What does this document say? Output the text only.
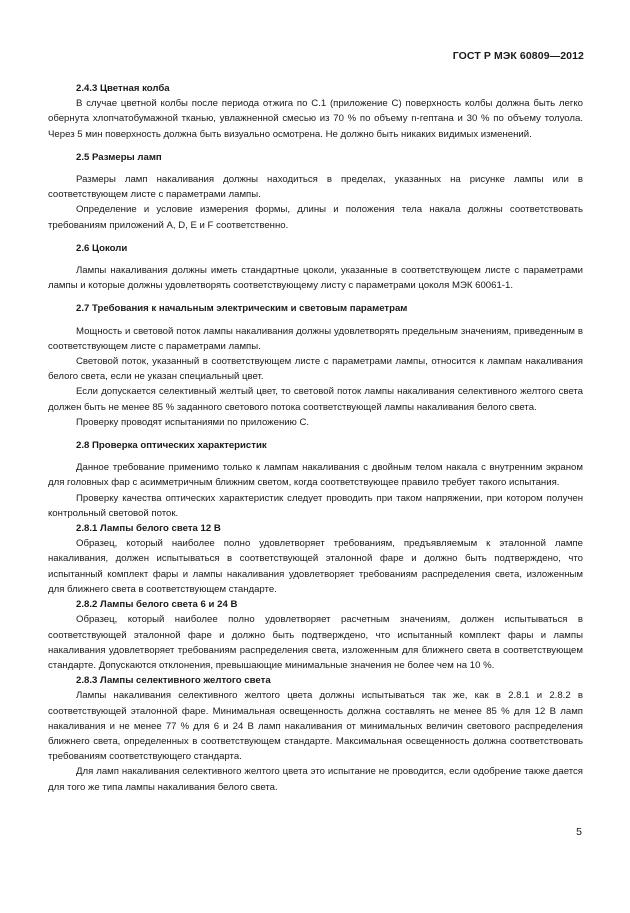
ГОСТ Р МЭК 60809—2012

2.4.3 Цветная колба

В случае цветной колбы после периода отжига по С.1 (приложение С) поверхность колбы должна быть легко обернута хлопчатобумажной тканью, увлажненной смесью из 70 % по объему n-гептана и 30 % по объему толуола. Через 5 мин поверхность должна быть визуально осмотрена. Не должно быть никаких видимых изменений.

2.5 Размеры ламп

Размеры ламп накаливания должны находиться в пределах, указанных на рисунке лампы или в соответствующем листе с параметрами лампы.

Определение и условие измерения формы, длины и положения тела накала должны соответствовать требованиям приложений А, D, E и F соответственно.

2.6 Цоколи

Лампы накаливания должны иметь стандартные цоколи, указанные в соответствующем листе с параметрами лампы и которые должны удовлетворять соответствующему листу с параметрами цоколя МЭК 60061-1.

2.7 Требования к начальным электрическим и световым параметрам

Мощность и световой поток лампы накаливания должны удовлетворять предельным значениям, приведенным в соответствующем листе с параметрами лампы.

Световой поток, указанный в соответствующем листе с параметрами лампы, относится к лампам накаливания белого света, если не указан специальный цвет.

Если допускается селективный желтый цвет, то световой поток лампы накаливания селективного желтого света должен быть не менее 85 % заданного светового потока соответствующей лампы накаливания белого света.

Проверку проводят испытаниями по приложению С.

2.8 Проверка оптических характеристик

Данное требование применимо только к лампам накаливания с двойным телом накала с внутренним экраном для головных фар с асимметричным ближним светом, когда соответствующее правило требует такого испытания.

Проверку качества оптических характеристик следует проводить при таком напряжении, при котором получен контрольный световой поток.

2.8.1 Лампы белого света 12 В

Образец, который наиболее полно удовлетворяет требованиям, предъявляемым к эталонной лампе накаливания, должен испытываться в соответствующей эталонной фаре и должно быть подтверждено, что испытанный комплект фары и лампы накаливания удовлетворяет требованиям распределения света, изложенным для ближнего света в соответствующем стандарте.

2.8.2 Лампы белого света 6 и 24 В

Образец, который наиболее полно удовлетворяет расчетным значениям, должен испытываться в соответствующей эталонной фаре и должно быть подтверждено, что испытанный комплект фары и лампы накаливания удовлетворяет требованиям распределения света, изложенным для ближнего света в соответствующем стандарте. Допускаются отклонения, превышающие минимальные значения не более чем на 10 %.

2.8.3 Лампы селективного желтого света

Лампы накаливания селективного желтого цвета должны испытываться так же, как в 2.8.1 и 2.8.2 в соответствующей эталонной фаре. Минимальная освещенность должна составлять не менее 85 % для 12 В ламп накаливания и не менее 77 % для 6 и 24 В ламп накаливания от минимальных величин светового распределения ближнего света, определенных в соответствующем стандарте. Максимальная освещенность должна соответствовать требованиям соответствующего стандарта.

Для ламп накаливания селективного желтого цвета это испытание не проводится, если одобрение также дается для того же типа лампы накаливания белого света.

5
